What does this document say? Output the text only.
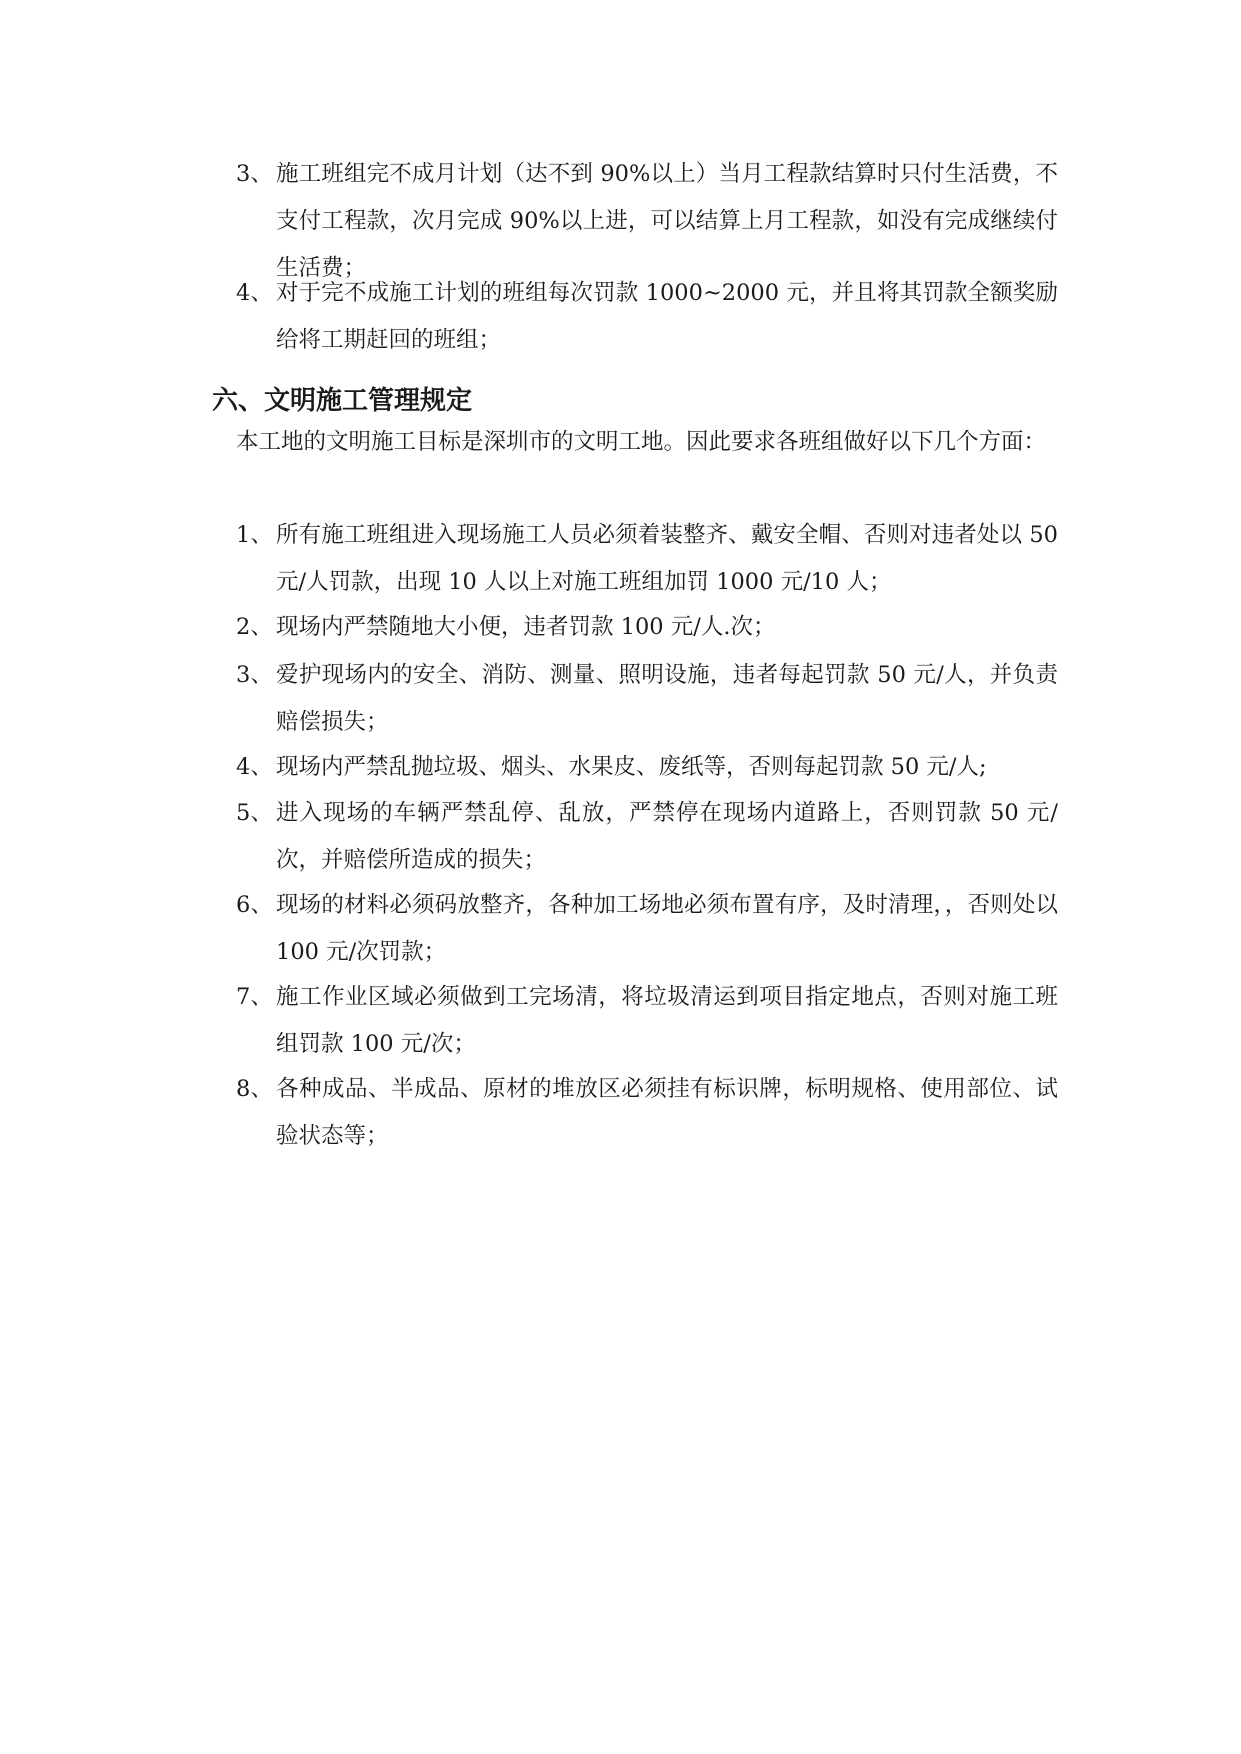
3、 施工班组完不成月计划（达不到 90%以上）当月工程款结算时只付生活费，不支付工程款，次月完成 90%以上进，可以结算上月工程款，如没有完成继续付生活费；
4、 对于完不成施工计划的班组每次罚款 1000~2000 元，并且将其罚款全额奖励给将工期赶回的班组；
六、文明施工管理规定
本工地的文明施工目标是深圳市的文明工地。因此要求各班组做好以下几个方面：
1、 所有施工班组进入现场施工人员必须着装整齐、戴安全帽、否则对违者处以 50 元/人罚款，出现 10 人以上对施工班组加罚 1000 元/10 人；
2、 现场内严禁随地大小便，违者罚款 100 元/人.次；
3、 爱护现场内的安全、消防、测量、照明设施，违者每起罚款 50 元/人，并负责赔偿损失；
4、 现场内严禁乱抛垃圾、烟头、水果皮、废纸等，否则每起罚款 50 元/人;
5、 进入现场的车辆严禁乱停、乱放，严禁停在现场内道路上，否则罚款 50 元/次，并赔偿所造成的损失；
6、 现场的材料必须码放整齐，各种加工场地必须布置有序，及时清理，，否则处以 100 元/次罚款；
7、 施工作业区域必须做到工完场清，将垃圾清运到项目指定地点，否则对施工班组罚款 100 元/次；
8、 各种成品、半成品、原材的堆放区必须挂有标识牌，标明规格、使用部位、试验状态等；
